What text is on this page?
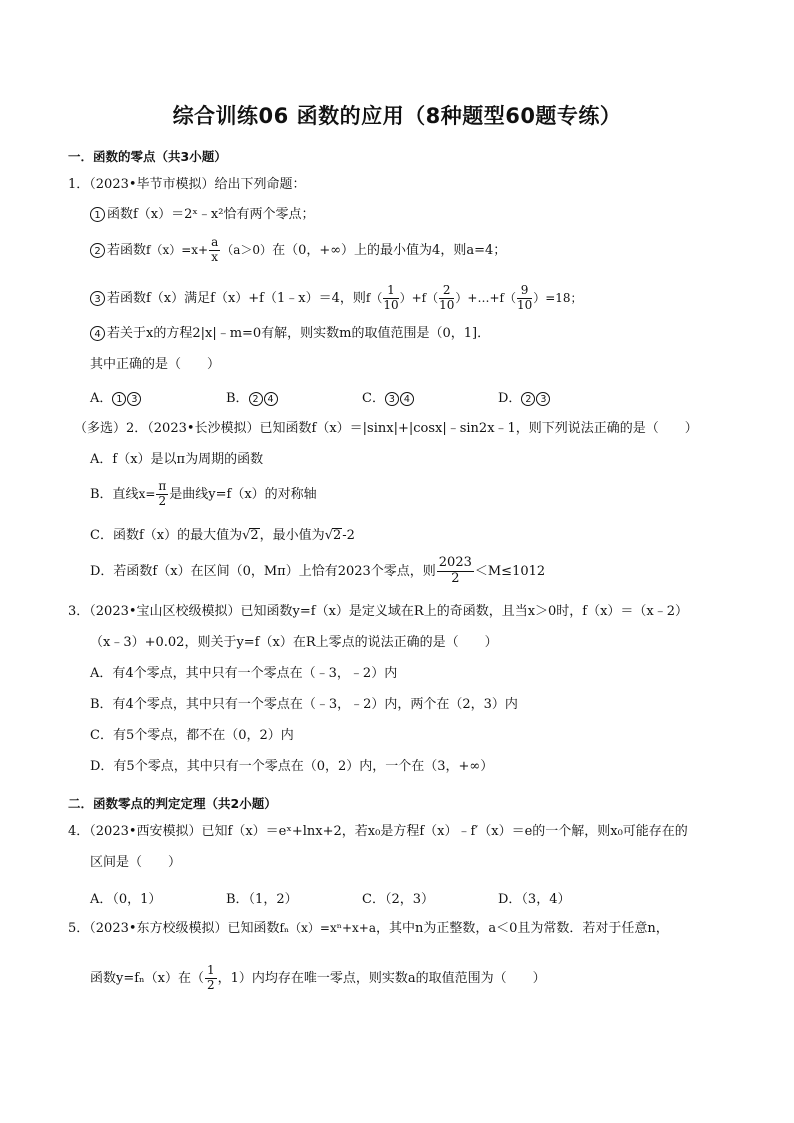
综合训练06 函数的应用（8种题型60题专练）
一．函数的零点（共3小题）
1．（2023•毕节市模拟）给出下列命题：
1 函数f（x）＝2ˣ﹣x²恰有两个零点；
2 若函数$f(x)=x+ \frac{a}{x} (a>0)$在（0，+∞）上的最小值为4，则a=4；
3 若函数f（x）满足f（x）+f（1﹣x）＝4，则$f( \frac{1}{10} )+f( \frac{2}{10}$ ）+…+f（ $\frac{9}{10} )=18$；
4 若关于x的方程2|x|﹣m=0有解，则实数m的取值范围是（0，1]．
其中正确的是（　　）
A． 1 3	B． 2 4	C． 3 4	D． 2 3
（多选）2．（2023•长沙模拟）已知函数f（x）＝|sinx|+|cosx|﹣sin2x﹣1，则下列说法正确的是（　　）
A．f（x）是以π为周期的函数
B．直线$x= \frac{\pi}{2}$ 是曲线y=f（x）的对称轴
C．函数f（x）的最大值为√2，最小值为√2-2
D．若函数f（x）在区间（0，Mπ）上恰有2023个零点，则 $\frac{2023}{2} <M\le 1012$
3．（2023•宝山区校级模拟）已知函数y=f（x）是定义域在R上的奇函数，且当x＞0时，f（x）＝（x﹣2）
（x﹣3）+0.02，则关于y=f（x）在R上零点的说法正确的是（　　）
A．有4个零点，其中只有一个零点在（﹣3，﹣2）内
B．有4个零点，其中只有一个零点在（﹣3，﹣2）内，两个在（2，3）内
C．有5个零点，都不在（0，2）内
D．有5个零点，其中只有一个零点在（0，2）内，一个在（3，+∞）
二．函数零点的判定定理（共2小题）
4．（2023•西安模拟）已知f（x）＝eˣ+lnx+2，若x₀是方程f（x）﹣f′（x）＝e的一个解，则x₀可能存在的
区间是（　　）
A．（0，1）	B．（1，2）	C．（2，3）	D．（3，4）
5．（2023•东方校级模拟）已知函数fₙ（x）=xⁿ+x+a，其中n为正整数，a＜0且为常数．若对于任意n，
函数y=fₙ（x）在（ $\frac{1}{2}$ ，1）内均存在唯一零点，则实数a的取值范围为（　　）
